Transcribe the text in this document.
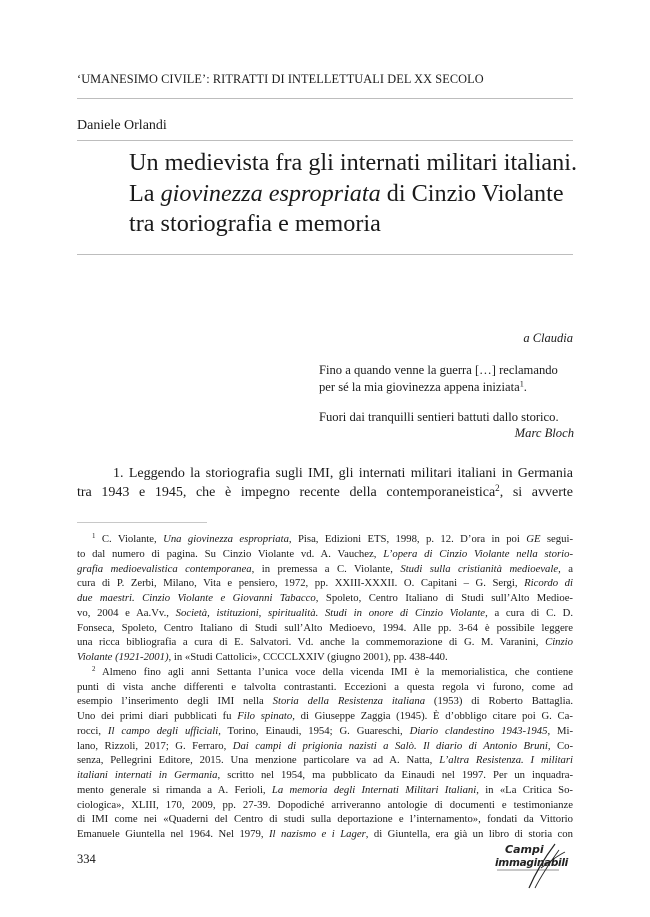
‘UMANESIMO CIVILE’: RITRATTI DI INTELLETTUALI DEL XX SECOLO
Daniele Orlandi
Un medievista fra gli internati militari italiani.
La giovinezza espropriata di Cinzio Violante
tra storiografia e memoria
a Claudia
Fino a quando venne la guerra […] reclamando
per sé la mia giovinezza appena iniziata$^1$.
Fuori dai tranquilli sentieri battuti dallo storico.
Marc Bloch
1. Leggendo la storiografia sugli IMI, gli internati militari italiani in Germania
tra 1943 e 1945, che è impegno recente della contemporaneistica$^2$, si avverte
$^1$ C. Violante, Una giovinezza espropriata, Pisa, Edizioni ETS, 1998, p. 12. D’ora in poi GE segui-
to dal numero di pagina. Su Cinzio Violante vd. A. Vauchez, L’opera di Cinzio Violante nella storio-
grafia medioevalistica contemporanea, in premessa a C. Violante, Studi sulla cristianità medioevale, a
cura di P. Zerbi, Milano, Vita e pensiero, 1972, pp. XXIII-XXXII. O. Capitani – G. Sergi, Ricordo di
due maestri. Cinzio Violante e Giovanni Tabacco, Spoleto, Centro Italiano di Studi sull’Alto Medioe-
vo, 2004 e Aa.Vv., Società, istituzioni, spiritualità. Studi in onore di Cinzio Violante, a cura di C. D.
Fonseca, Spoleto, Centro Italiano di Studi sull’Alto Medioevo, 1994. Alle pp. 3-64 è possibile leggere
una ricca bibliografia a cura di E. Salvatori. Vd. anche la commemorazione di G. M. Varanini, Cinzio
Violante (1921-2001), in «Studi Cattolici», CCCCLXXIV (giugno 2001), pp. 438-440.
$^2$ Almeno fino agli anni Settanta l’unica voce della vicenda IMI è la memorialistica, che contiene
punti di vista anche differenti e talvolta contrastanti. Eccezioni a questa regola vi furono, come ad
esempio l’inserimento degli IMI nella Storia della Resistenza italiana (1953) di Roberto Battaglia.
Uno dei primi diari pubblicati fu Filo spinato, di Giuseppe Zaggia (1945). È d’obbligo citare poi G. Ca-
rocci, Il campo degli ufficiali, Torino, Einaudi, 1954; G. Guareschi, Diario clandestino 1943-1945, Mi-
lano, Rizzoli, 2017; G. Ferraro, Dai campi di prigionia nazisti a Salò. Il diario di Antonio Bruni, Co-
senza, Pellegrini Editore, 2015. Una menzione particolare va ad A. Natta, L’altra Resistenza. I militari
italiani internati in Germania, scritto nel 1954, ma pubblicato da Einaudi nel 1997. Per un inquadra-
mento generale si rimanda a A. Ferioli, La memoria degli Internati Militari Italiani, in «La Critica So-
ciologica», XLIII, 170, 2009, pp. 27-39. Dopodiché arriveranno antologie di documenti e testimonianze
di IMI come nei «Quaderni del Centro di studi sulla deportazione e l’internamento», fondati da Vittorio
Emanuele Giuntella nel 1964. Nel 1979, Il nazismo e i Lager, di Giuntella, era già un libro di storia con
334
Campi
immaginabili
